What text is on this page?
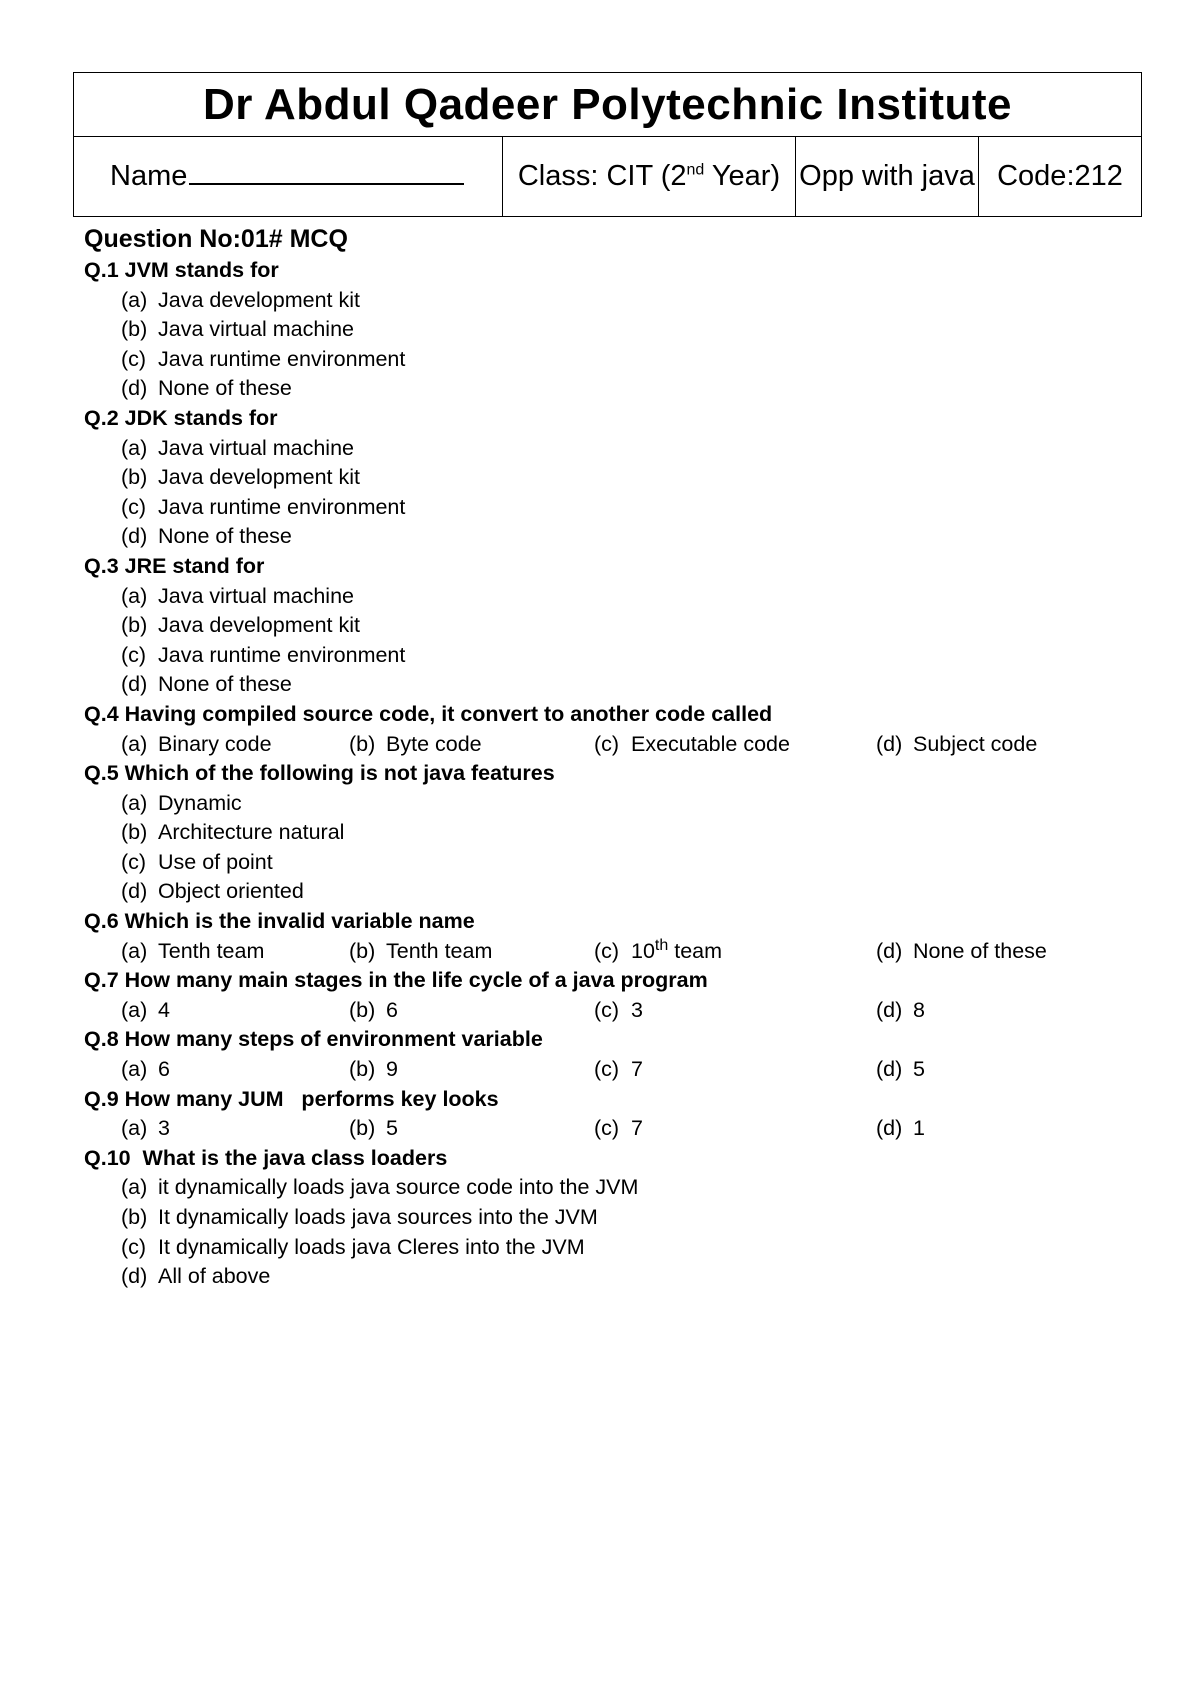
Dr Abdul Qadeer Polytechnic Institute
Name	Class: CIT (2nd Year)	Opp with java	Code:212
Question No:01# MCQ
Q.1 JVM stands for
(a) Java development kit
(b) Java virtual machine
(c) Java runtime environment
(d) None of these
Q.2 JDK stands for
(a) Java virtual machine
(b) Java development kit
(c) Java runtime environment
(d) None of these
Q.3 JRE stand for
(a) Java virtual machine
(b) Java development kit
(c) Java runtime environment
(d) None of these
Q.4 Having compiled source code, it convert to another code called
(a) Binary code	(b) Byte code	(c) Executable code	(d) Subject code
Q.5 Which of the following is not java features
(a) Dynamic
(b) Architecture natural
(c) Use of point
(d) Object oriented
Q.6 Which is the invalid variable name
(a) Tenth team	(b) Tenth team	(c) 10th team	(d) None of these
Q.7 How many main stages in the life cycle of a java program
(a) 4	(b) 6	(c) 3	(d) 8
Q.8 How many steps of environment variable
(a) 6	(b) 9	(c) 7	(d) 5
Q.9 How many JUM   performs key looks
(a) 3	(b) 5	(c) 7	(d) 1
Q.10  What is the java class loaders
(a) it dynamically loads java source code into the JVM
(b) It dynamically loads java sources into the JVM
(c) It dynamically loads java Cleres into the JVM
(d) All of above
